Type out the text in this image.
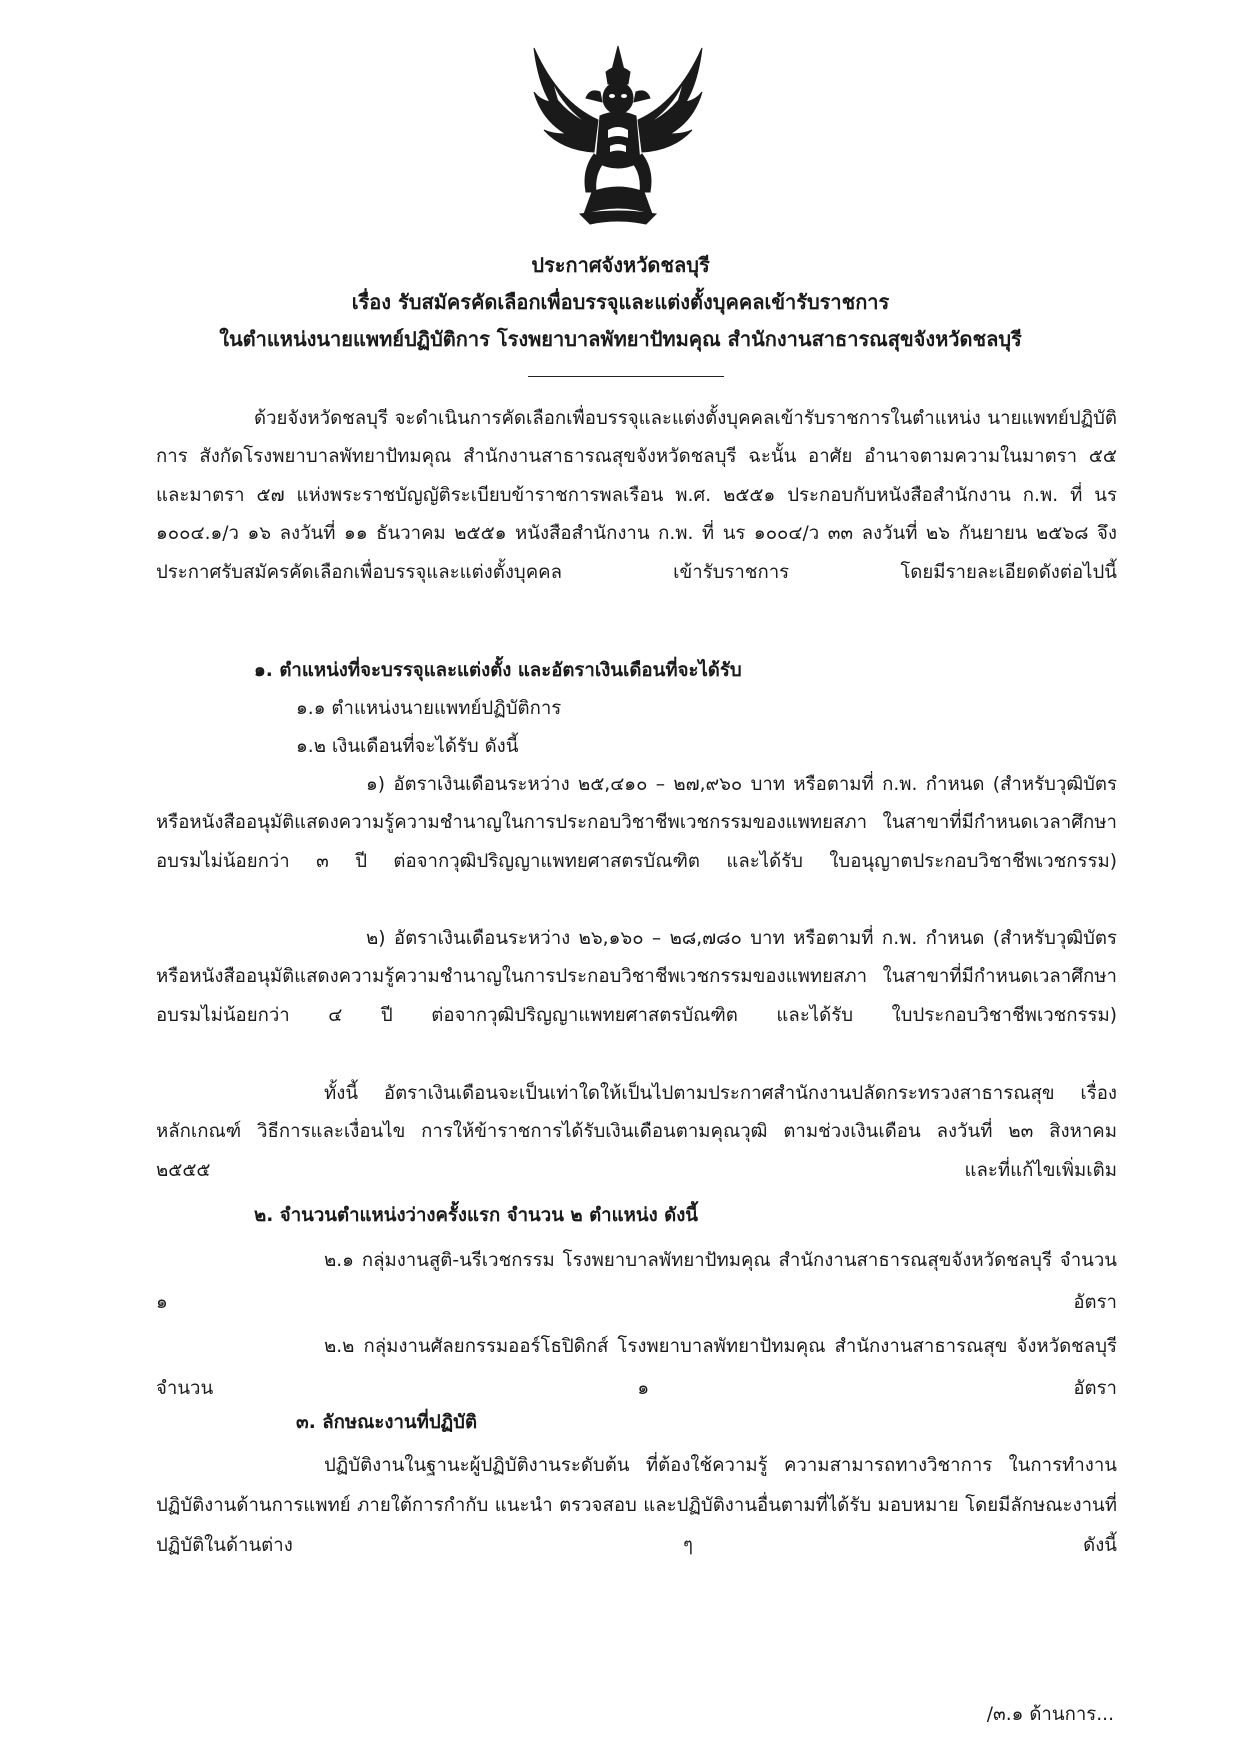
ประกาศจังหวัดชลบุรี
เรื่อง รับสมัครคัดเลือกเพื่อบรรจุและแต่งตั้งบุคคลเข้ารับราชการ
ในตำแหน่งนายแพทย์ปฏิบัติการ โรงพยาบาลพัทยาปัทมคุณ สำนักงานสาธารณสุขจังหวัดชลบุรี

ด้วยจังหวัดชลบุรี จะดำเนินการคัดเลือกเพื่อบรรจุและแต่งตั้งบุคคลเข้ารับราชการในตำแหน่ง นายแพทย์ปฏิบัติการ สังกัดโรงพยาบาลพัทยาปัทมคุณ สำนักงานสาธารณสุขจังหวัดชลบุรี ฉะนั้น อาศัย อำนาจตามความในมาตรา ๕๕ และมาตรา ๕๗ แห่งพระราชบัญญัติระเบียบข้าราชการพลเรือน พ.ศ. ๒๕๕๑ ประกอบกับหนังสือสำนักงาน ก.พ. ที่ นร ๑๐๐๔.๑/ว ๑๖ ลงวันที่ ๑๑ ธันวาคม ๒๕๕๑ หนังสือสำนักงาน ก.พ. ที่ นร ๑๐๐๔/ว ๓๓ ลงวันที่ ๒๖ กันยายน ๒๕๖๘ จึงประกาศรับสมัครคัดเลือกเพื่อบรรจุและแต่งตั้งบุคคล เข้ารับราชการ โดยมีรายละเอียดดังต่อไปนี้

๑. ตำแหน่งที่จะบรรจุและแต่งตั้ง และอัตราเงินเดือนที่จะได้รับ

๑.๑ ตำแหน่งนายแพทย์ปฏิบัติการ

๑.๒ เงินเดือนที่จะได้รับ ดังนี้

๑) อัตราเงินเดือนระหว่าง ๒๕,๔๑๐ – ๒๗,๙๖๐ บาท หรือตามที่ ก.พ. กำหนด (สำหรับวุฒิบัตรหรือหนังสืออนุมัติแสดงความรู้ความชำนาญในการประกอบวิชาชีพเวชกรรมของแพทยสภา ในสาขาที่มีกำหนดเวลาศึกษาอบรมไม่น้อยกว่า ๓ ปี ต่อจากวุฒิปริญญาแพทยศาสตรบัณฑิต และได้รับ ใบอนุญาตประกอบวิชาชีพเวชกรรม)

๒) อัตราเงินเดือนระหว่าง ๒๖,๑๖๐ – ๒๘,๗๘๐ บาท หรือตามที่ ก.พ. กำหนด (สำหรับวุฒิบัตรหรือหนังสืออนุมัติแสดงความรู้ความชำนาญในการประกอบวิชาชีพเวชกรรมของแพทยสภา ในสาขาที่มีกำหนดเวลาศึกษาอบรมไม่น้อยกว่า ๔ ปี ต่อจากวุฒิปริญญาแพทยศาสตรบัณฑิต และได้รับ ใบประกอบวิชาชีพเวชกรรม)

ทั้งนี้ อัตราเงินเดือนจะเป็นเท่าใดให้เป็นไปตามประกาศสำนักงานปลัดกระทรวงสาธารณสุข เรื่อง หลักเกณฑ์ วิธีการและเงื่อนไข การให้ข้าราชการได้รับเงินเดือนตามคุณวุฒิ ตามช่วงเงินเดือน ลงวันที่ ๒๓ สิงหาคม ๒๕๕๕ และที่แก้ไขเพิ่มเติม

๒. จำนวนตำแหน่งว่างครั้งแรก จำนวน ๒ ตำแหน่ง ดังนี้

๒.๑ กลุ่มงานสูติ-นรีเวชกรรม โรงพยาบาลพัทยาปัทมคุณ สำนักงานสาธารณสุขจังหวัดชลบุรี จำนวน ๑ อัตรา

๒.๒ กลุ่มงานศัลยกรรมออร์โธปิดิกส์ โรงพยาบาลพัทยาปัทมคุณ สำนักงานสาธารณสุข จังหวัดชลบุรี จำนวน ๑ อัตรา

๓. ลักษณะงานที่ปฏิบัติ

ปฏิบัติงานในฐานะผู้ปฏิบัติงานระดับต้น ที่ต้องใช้ความรู้ ความสามารถทางวิชาการ ในการทำงาน ปฏิบัติงานด้านการแพทย์ ภายใต้การกำกับ แนะนำ ตรวจสอบ และปฏิบัติงานอื่นตามที่ได้รับ มอบหมาย โดยมีลักษณะงานที่ปฏิบัติในด้านต่าง ๆ ดังนี้

/๓.๑ ด้านการ...
